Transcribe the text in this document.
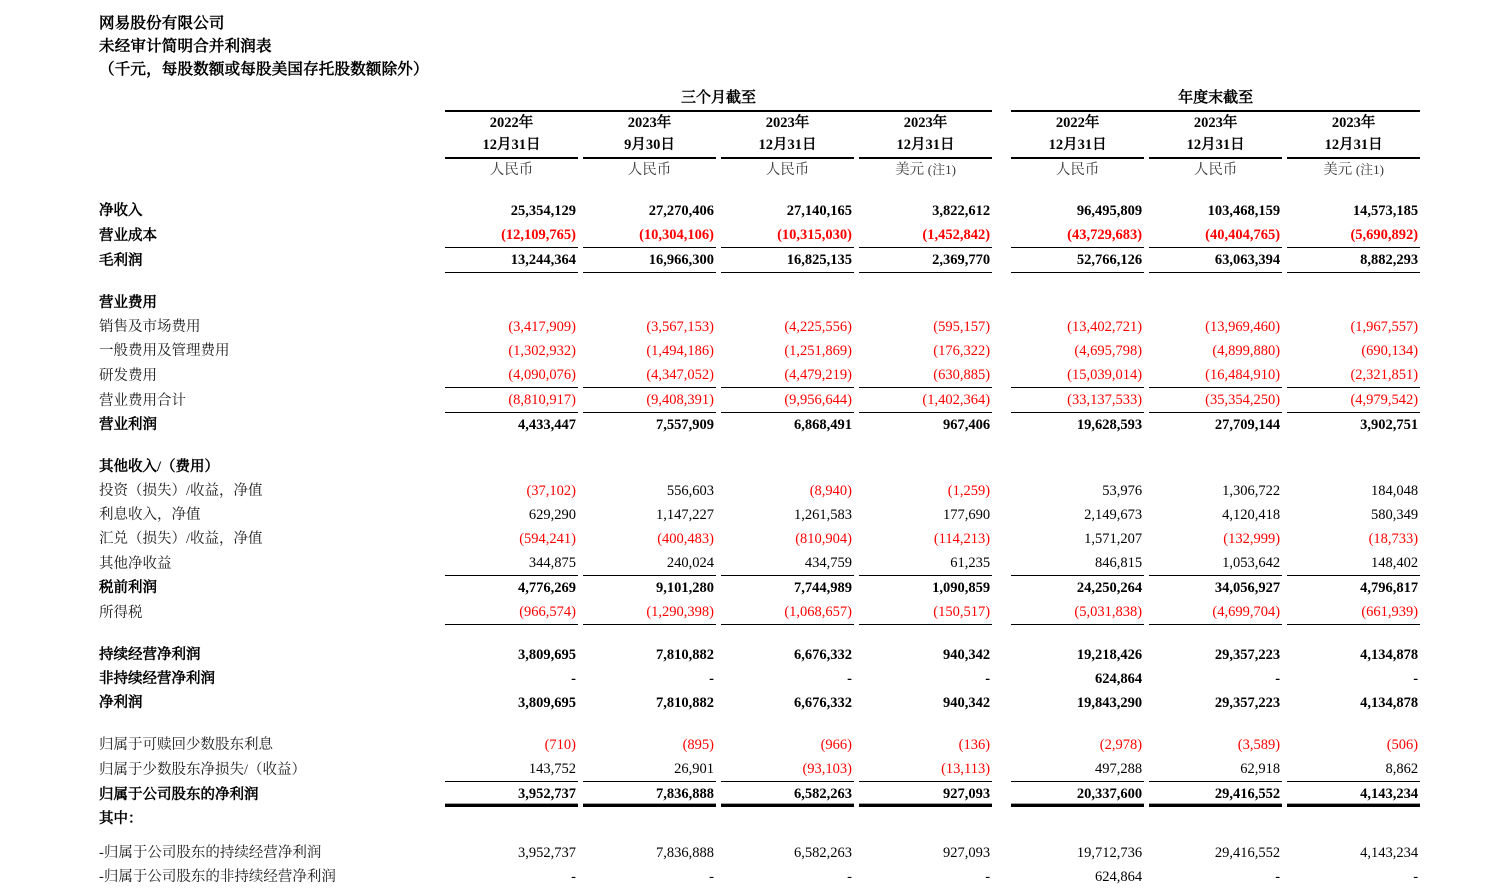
网易股份有限公司
未经审计简明合并利润表
（千元，每股数额或每股美国存托股数额除外）
	三个月截至								年度末截至				

	2022年		2023年		2023年		2023年		2022年		2023年		2023年
	12月31日		9月30日		12月31日		12月31日		12月31日		12月31日		12月31日

	人民币		人民币		人民币		美元 (注1)		人民币		人民币		美元 (注1)

净收入	25,354,129		27,270,406		27,140,165		3,822,612		96,495,809		103,468,159		14,573,185
营业成本	(12,109,765)		(10,304,106)		(10,315,030)		(1,452,842)		(43,729,683)		(40,404,765)		(5,690,892)
毛利润	13,244,364		16,966,300		16,825,135		2,369,770		52,766,126		63,063,394		8,882,293

营业费用													
销售及市场费用	(3,417,909)		(3,567,153)		(4,225,556)		(595,157)		(13,402,721)		(13,969,460)		(1,967,557)
一般费用及管理费用	(1,302,932)		(1,494,186)		(1,251,869)		(176,322)		(4,695,798)		(4,899,880)		(690,134)
研发费用	(4,090,076)		(4,347,052)		(4,479,219)		(630,885)		(15,039,014)		(16,484,910)		(2,321,851)
营业费用合计	(8,810,917)		(9,408,391)		(9,956,644)		(1,402,364)		(33,137,533)		(35,354,250)		(4,979,542)
营业利润	4,433,447		7,557,909		6,868,491		967,406		19,628,593		27,709,144		3,902,751

其他收入/（费用）													
投资（损失）/收益，净值	(37,102)		556,603		(8,940)		(1,259)		53,976		1,306,722		184,048
利息收入，净值	629,290		1,147,227		1,261,583		177,690		2,149,673		4,120,418		580,349
汇兑（损失）/收益，净值	(594,241)		(400,483)		(810,904)		(114,213)		1,571,207		(132,999)		(18,733)
其他净收益	344,875		240,024		434,759		61,235		846,815		1,053,642		148,402
税前利润	4,776,269		9,101,280		7,744,989		1,090,859		24,250,264		34,056,927		4,796,817
所得税	(966,574)		(1,290,398)		(1,068,657)		(150,517)		(5,031,838)		(4,699,704)		(661,939)

持续经营净利润	3,809,695		7,810,882		6,676,332		940,342		19,218,426		29,357,223		4,134,878
非持续经营净利润	-		-		-		-		624,864		-		-
净利润	3,809,695		7,810,882		6,676,332		940,342		19,843,290		29,357,223		4,134,878

归属于可赎回少数股东利息	(710)		(895)		(966)		(136)		(2,978)		(3,589)		(506)
归属于少数股东净损失/（收益）	143,752		26,901		(93,103)		(13,113)		497,288		62,918		8,862
归属于公司股东的净利润	3,952,737		7,836,888		6,582,263		927,093		20,337,600		29,416,552		4,143,234
其中：													

-归属于公司股东的持续经营净利润	3,952,737		7,836,888		6,582,263		927,093		19,712,736		29,416,552		4,143,234
-归属于公司股东的非持续经营净利润	-		-		-		-		624,864		-		-
